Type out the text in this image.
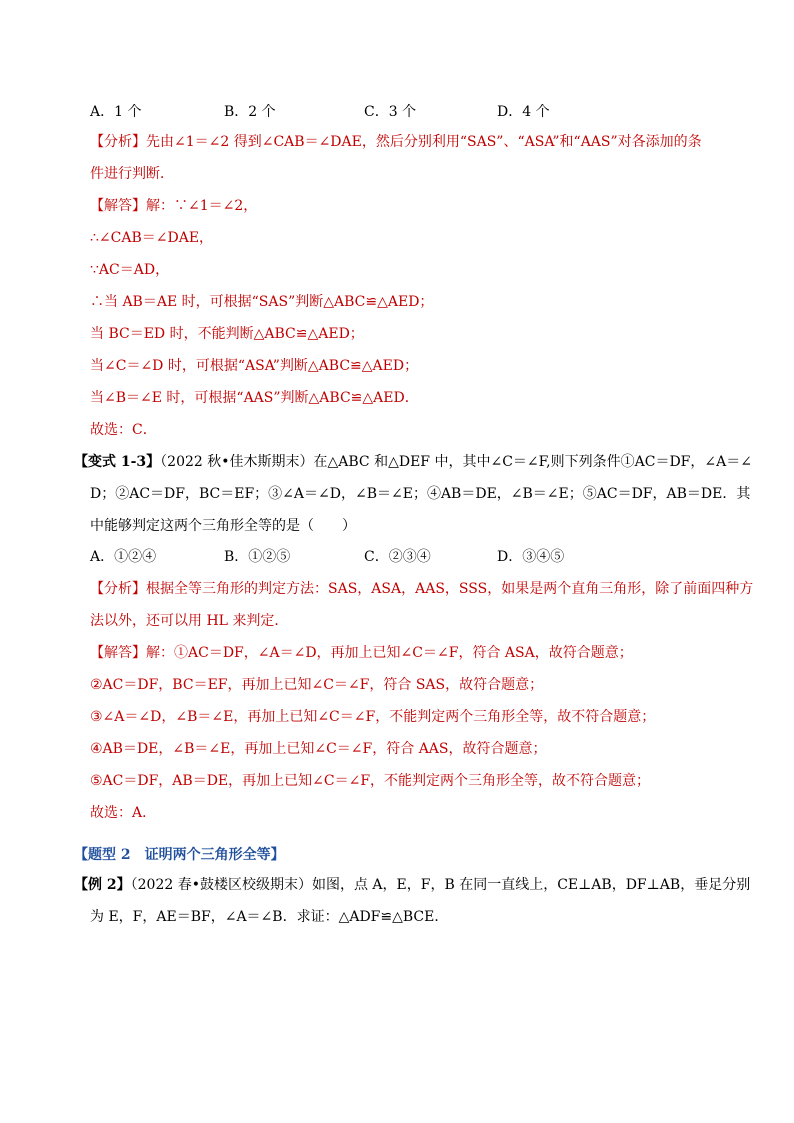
A．1 个	B．2 个	C．3 个	D．4 个
【分析】先由∠1＝∠2 得到∠CAB＝∠DAE，然后分别利用“SAS”、“ASA”和“AAS”对各添加的条
件进行判断．
【解答】解：∵∠1＝∠2，
∴∠CAB＝∠DAE，
∵AC＝AD，
∴当 AB＝AE 时，可根据“SAS”判断△ABC≌△AED；
当 BC＝ED 时，不能判断△ABC≌△AED；
当∠C＝∠D 时，可根据“ASA”判断△ABC≌△AED；
当∠B＝∠E 时，可根据“AAS”判断△ABC≌△AED．
故选：C．
【变式 1-3】（2022 秋•佳木斯期末）在△ABC 和△DEF 中，其中∠C＝∠F,则下列条件①AC＝DF，∠A＝∠
D；②AC＝DF，BC＝EF；③∠A＝∠D，∠B＝∠E；④AB＝DE，∠B＝∠E；⑤AC＝DF，AB＝DE．其
中能够判定这两个三角形全等的是（　　）
A．①②④	B．①②⑤	C．②③④	D．③④⑤
【分析】根据全等三角形的判定方法：SAS，ASA，AAS，SSS，如果是两个直角三角形，除了前面四种方
法以外，还可以用 HL 来判定．
【解答】解：①AC＝DF，∠A＝∠D，再加上已知∠C＝∠F，符合 ASA，故符合题意；
②AC＝DF，BC＝EF，再加上已知∠C＝∠F，符合 SAS，故符合题意；
③∠A＝∠D，∠B＝∠E，再加上已知∠C＝∠F，不能判定两个三角形全等，故不符合题意；
④AB＝DE，∠B＝∠E，再加上已知∠C＝∠F，符合 AAS，故符合题意；
⑤AC＝DF，AB＝DE，再加上已知∠C＝∠F，不能判定两个三角形全等，故不符合题意；
故选：A．
【题型 2　证明两个三角形全等】
【例 2】（2022 春•鼓楼区校级期末）如图，点 A，E，F，B 在同一直线上，CE⊥AB，DF⊥AB，垂足分别
为 E，F，AE＝BF，∠A＝∠B．求证：△ADF≌△BCE．
